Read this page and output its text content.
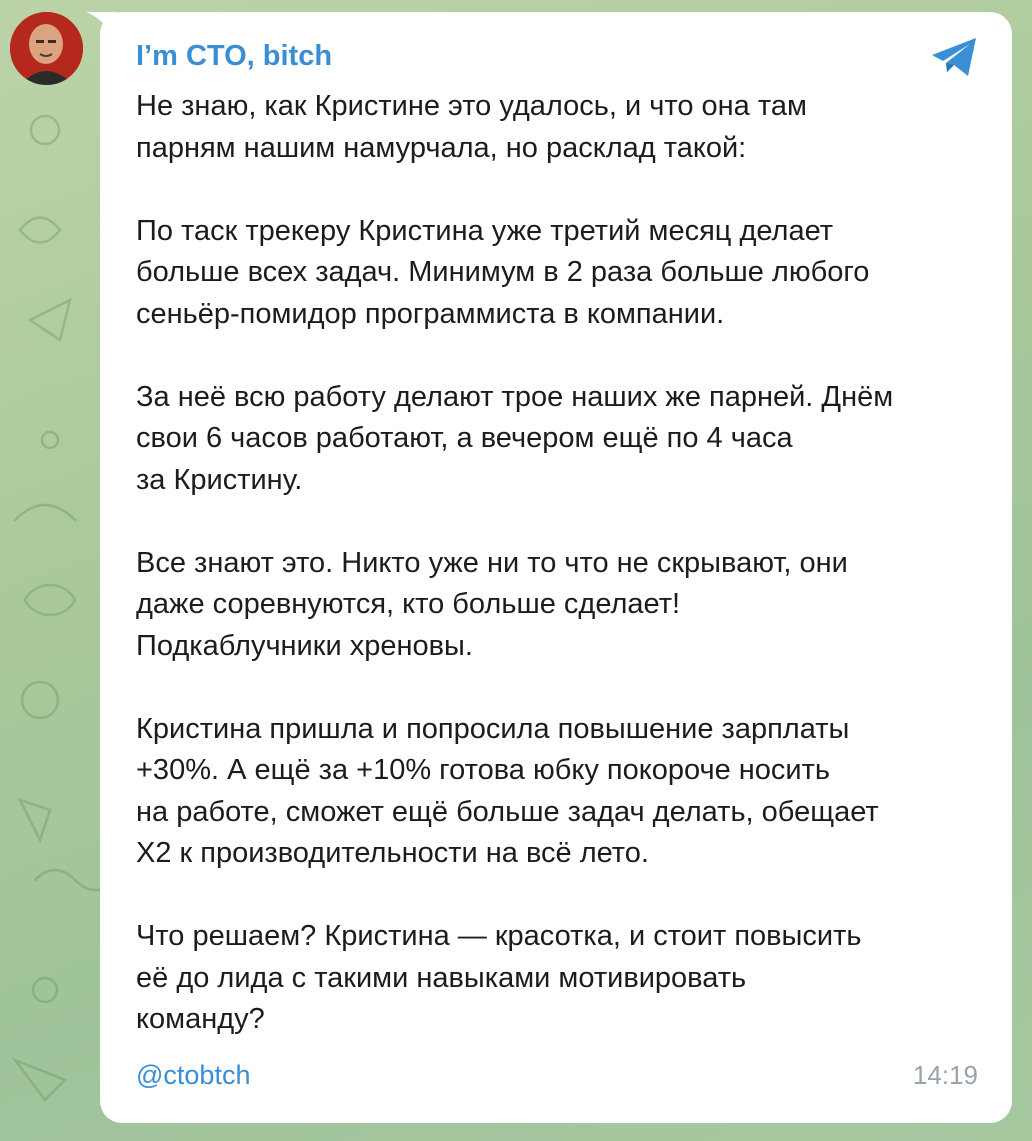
I’m CTO, bitch

Не знаю, как Кристине это удалось, и что она там
парням нашим намурчала, но расклад такой:

По таск трекеру Кристина уже третий месяц делает
больше всех задач. Минимум в 2 раза больше любого
сеньёр-помидор программиста в компании.

За неё всю работу делают трое наших же парней. Днём
свои 6 часов работают, а вечером ещё по 4 часа
за Кристину.

Все знают это. Никто уже ни то что не скрывают, они
даже соревнуются, кто больше сделает!
Подкаблучники хреновы.

Кристина пришла и попросила повышение зарплаты
+30%. А ещё за +10% готова юбку покороче носить
на работе, сможет ещё больше задач делать, обещает
X2 к производительности на всё лето.

Что решаем? Кристина — красотка, и стоит повысить
её до лида с такими навыками мотивировать
команду?

@ctobtch	14:19
